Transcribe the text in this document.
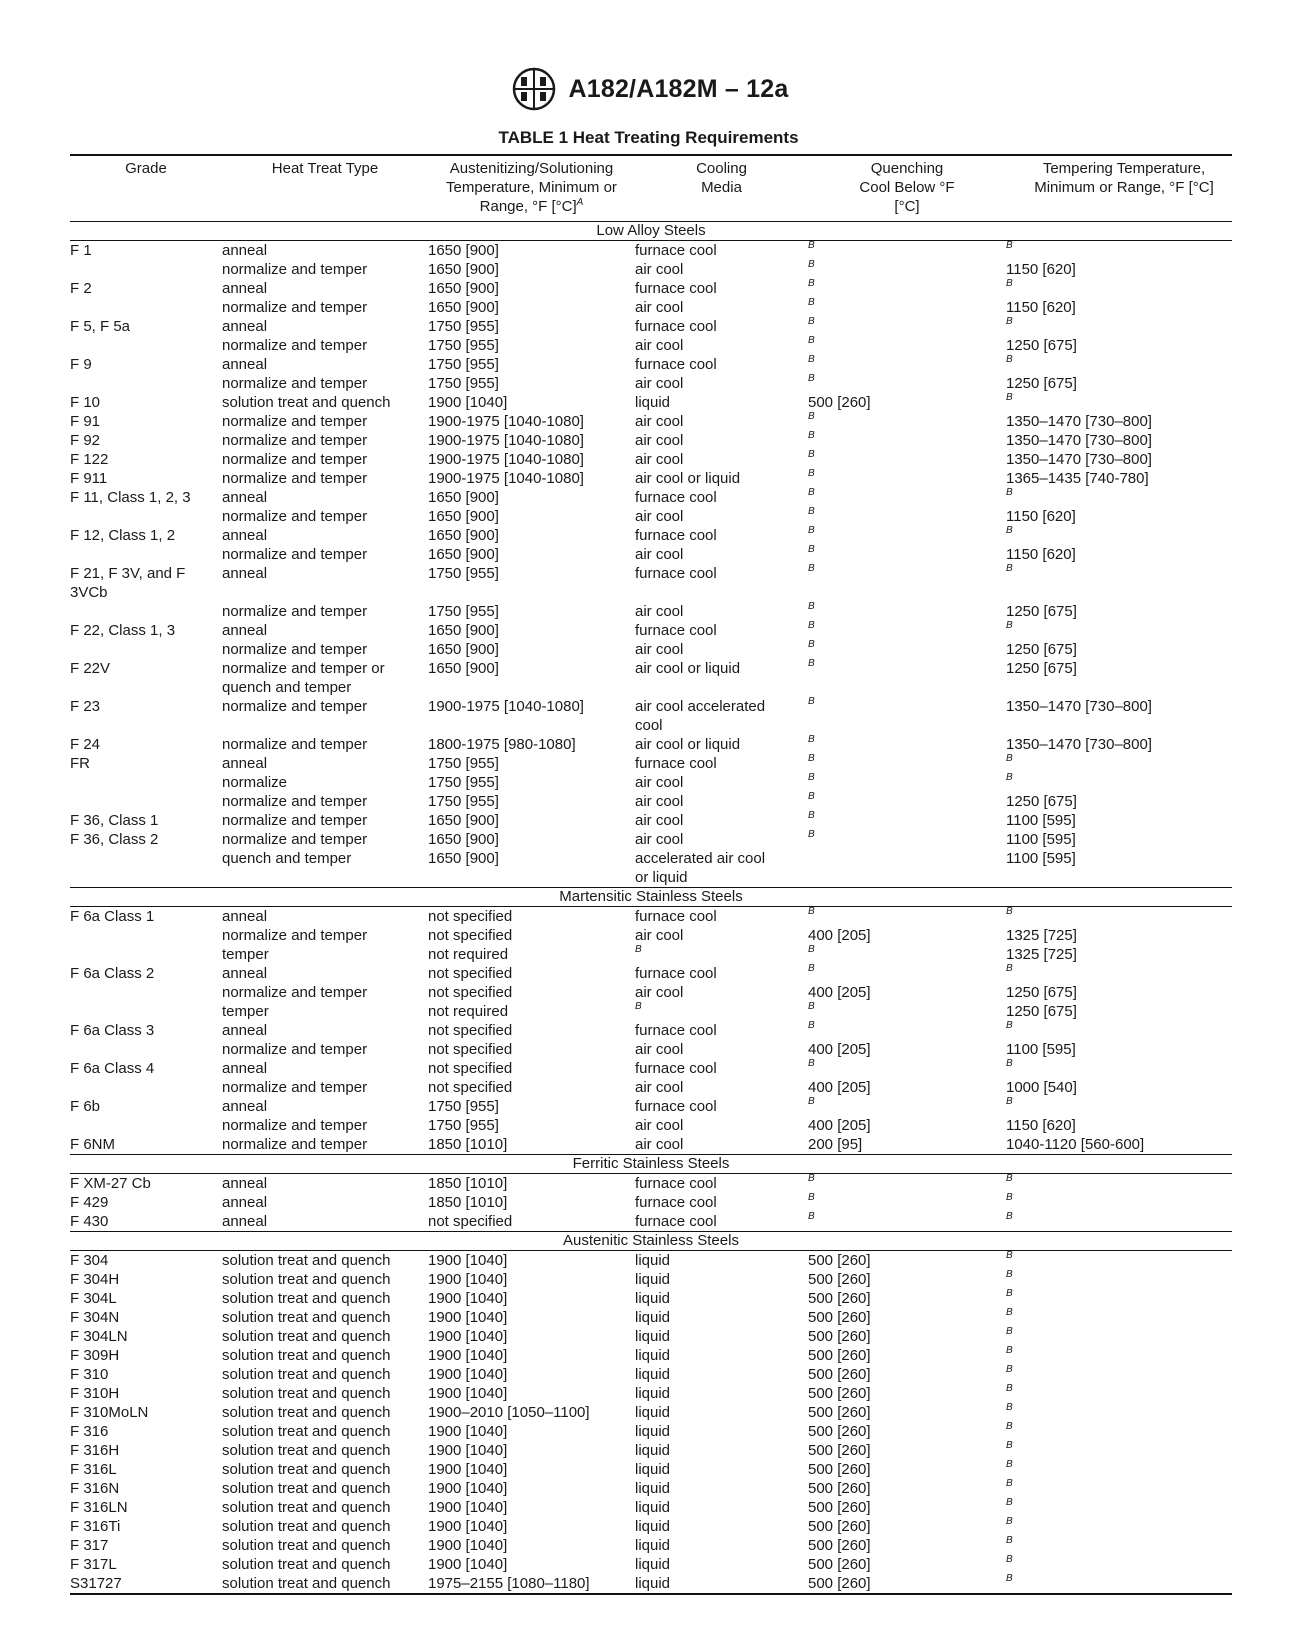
A182/A182M – 12a
TABLE 1 Heat Treating Requirements
Grade	Heat Treat Type	Austenitizing/Solutioning Temperature, Minimum or Range, °F [°C]$^A$	Cooling Media	Quenching Cool Below °F [°C]	Tempering Temperature, Minimum or Range, °F [°C]
Low Alloy Steels					
F 1	anneal	1650 [900]	furnace cool	B	B
	normalize and temper	1650 [900]	air cool	B	1150 [620]
F 2	anneal	1650 [900]	furnace cool	B	B
	normalize and temper	1650 [900]	air cool	B	1150 [620]
F 5, F 5a	anneal	1750 [955]	furnace cool	B	B
	normalize and temper	1750 [955]	air cool	B	1250 [675]
F 9	anneal	1750 [955]	furnace cool	B	B
	normalize and temper	1750 [955]	air cool	B	1250 [675]
F 10	solution treat and quench	1900 [1040]	liquid	500 [260]	B
F 91	normalize and temper	1900-1975 [1040-1080]	air cool	B	1350–1470 [730–800]
F 92	normalize and temper	1900-1975 [1040-1080]	air cool	B	1350–1470 [730–800]
F 122	normalize and temper	1900-1975 [1040-1080]	air cool	B	1350–1470 [730–800]
F 911	normalize and temper	1900-1975 [1040-1080]	air cool or liquid	B	1365–1435 [740-780]
F 11, Class 1, 2, 3	anneal	1650 [900]	furnace cool	B	B
	normalize and temper	1650 [900]	air cool	B	1150 [620]
F 12, Class 1, 2	anneal	1650 [900]	furnace cool	B	B
	normalize and temper	1650 [900]	air cool	B	1150 [620]
F 21, F 3V, and F 3VCb	anneal	1750 [955]	furnace cool	B	B
	normalize and temper	1750 [955]	air cool	B	1250 [675]
F 22, Class 1, 3	anneal	1650 [900]	furnace cool	B	B
	normalize and temper	1650 [900]	air cool	B	1250 [675]
F 22V	normalize and temper or quench and temper	1650 [900]	air cool or liquid	B	1250 [675]
F 23	normalize and temper	1900-1975 [1040-1080]	air cool accelerated cool	B	1350–1470 [730–800]
F 24	normalize and temper	1800-1975 [980-1080]	air cool or liquid	B	1350–1470 [730–800]
FR	anneal	1750 [955]	furnace cool	B	B
	normalize	1750 [955]	air cool	B	B
	normalize and temper	1750 [955]	air cool	B	1250 [675]
F 36, Class 1	normalize and temper	1650 [900]	air cool	B	1100 [595]
F 36, Class 2	normalize and temper	1650 [900]	air cool	B	1100 [595]
	quench and temper	1650 [900]	accelerated air cool or liquid		1100 [595]
Martensitic Stainless Steels					
F 6a Class 1	anneal	not specified	furnace cool	B	B
	normalize and temper	not specified	air cool	400 [205]	1325 [725]
	temper	not required	B	B	1325 [725]
F 6a Class 2	anneal	not specified	furnace cool	B	B
	normalize and temper	not specified	air cool	400 [205]	1250 [675]
	temper	not required	B	B	1250 [675]
F 6a Class 3	anneal	not specified	furnace cool	B	B
	normalize and temper	not specified	air cool	400 [205]	1100 [595]
F 6a Class 4	anneal	not specified	furnace cool	B	B
	normalize and temper	not specified	air cool	400 [205]	1000 [540]
F 6b	anneal	1750 [955]	furnace cool	B	B
	normalize and temper	1750 [955]	air cool	400 [205]	1150 [620]
F 6NM	normalize and temper	1850 [1010]	air cool	200 [95]	1040-1120 [560-600]
Ferritic Stainless Steels					
F XM-27 Cb	anneal	1850 [1010]	furnace cool	B	B
F 429	anneal	1850 [1010]	furnace cool	B	B
F 430	anneal	not specified	furnace cool	B	B
Austenitic Stainless Steels					
F 304	solution treat and quench	1900 [1040]	liquid	500 [260]	B
F 304H	solution treat and quench	1900 [1040]	liquid	500 [260]	B
F 304L	solution treat and quench	1900 [1040]	liquid	500 [260]	B
F 304N	solution treat and quench	1900 [1040]	liquid	500 [260]	B
F 304LN	solution treat and quench	1900 [1040]	liquid	500 [260]	B
F 309H	solution treat and quench	1900 [1040]	liquid	500 [260]	B
F 310	solution treat and quench	1900 [1040]	liquid	500 [260]	B
F 310H	solution treat and quench	1900 [1040]	liquid	500 [260]	B
F 310MoLN	solution treat and quench	1900–2010 [1050–1100]	liquid	500 [260]	B
F 316	solution treat and quench	1900 [1040]	liquid	500 [260]	B
F 316H	solution treat and quench	1900 [1040]	liquid	500 [260]	B
F 316L	solution treat and quench	1900 [1040]	liquid	500 [260]	B
F 316N	solution treat and quench	1900 [1040]	liquid	500 [260]	B
F 316LN	solution treat and quench	1900 [1040]	liquid	500 [260]	B
F 316Ti	solution treat and quench	1900 [1040]	liquid	500 [260]	B
F 317	solution treat and quench	1900 [1040]	liquid	500 [260]	B
F 317L	solution treat and quench	1900 [1040]	liquid	500 [260]	B
S31727	solution treat and quench	1975–2155 [1080–1180]	liquid	500 [260]	B
